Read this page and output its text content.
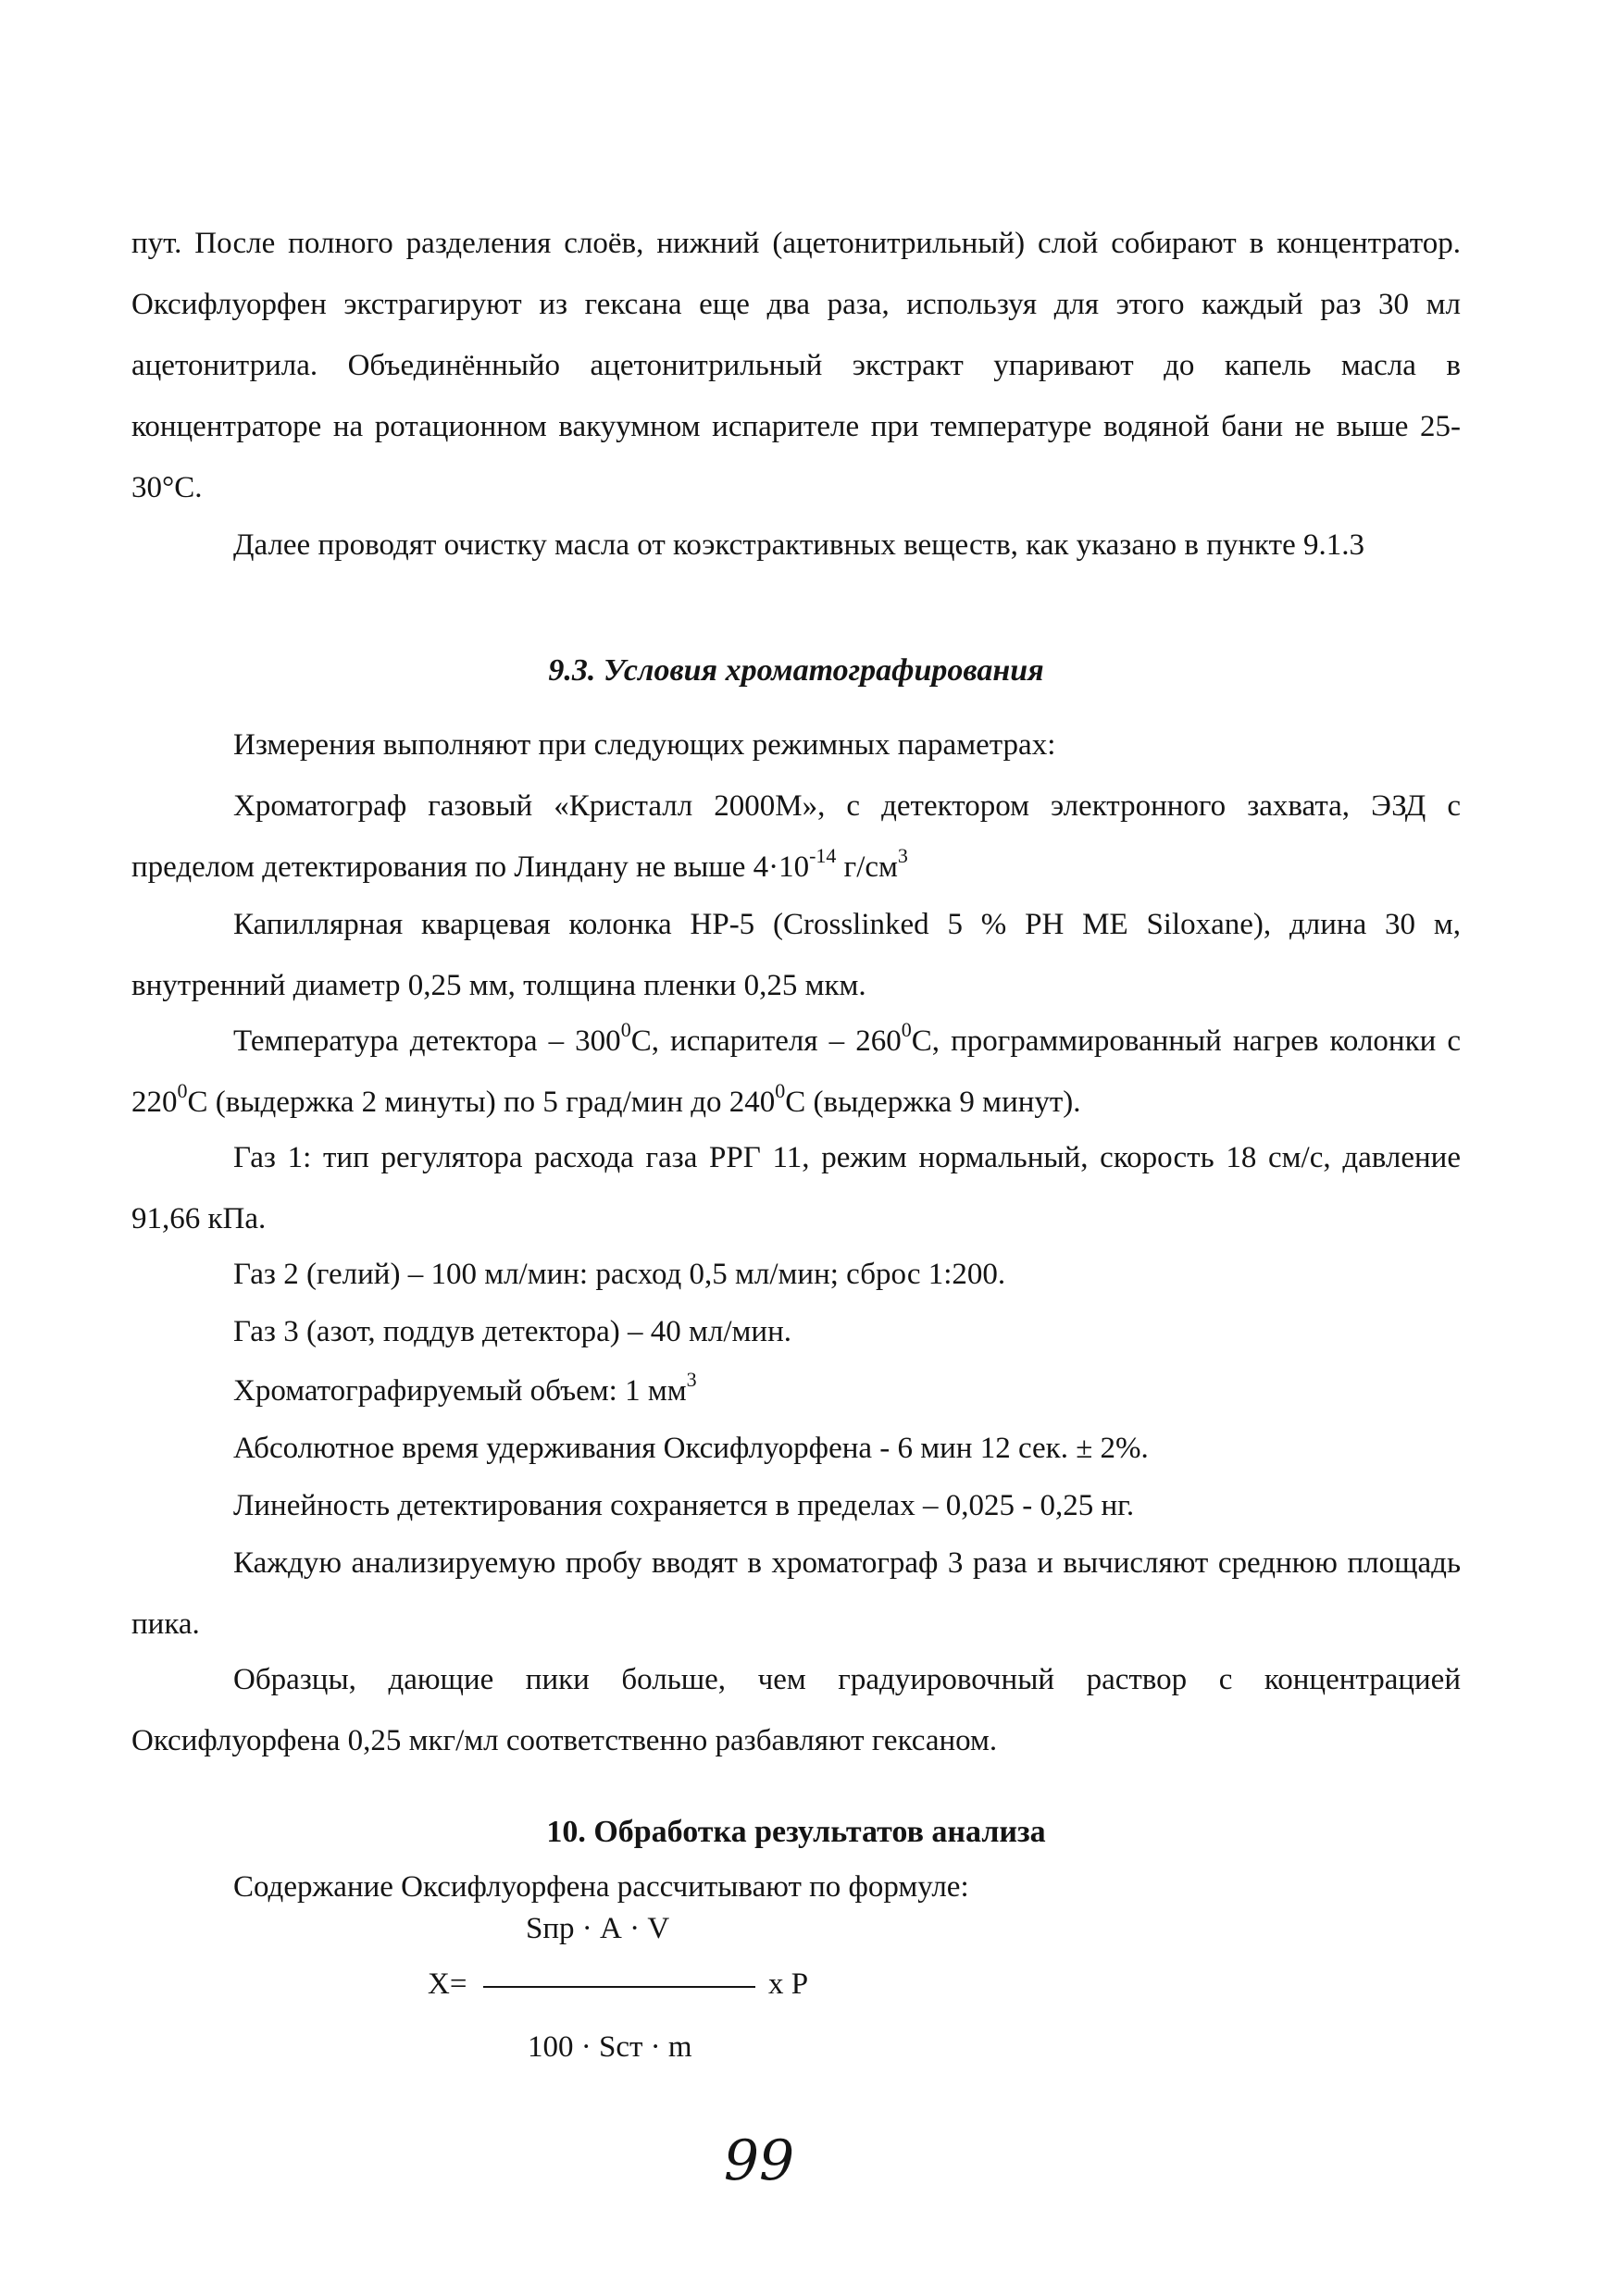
пут. После полного разделения слоёв, нижний (ацетонитрильный) слой собирают в концентратор. Оксифлуорфен экстрагируют из гексана еще два раза, используя для этого каждый раз 30 мл ацетонитрила. Объединённыйо ацетонитрильный экстракт упаривают до капель масла в концентраторе на ротационном вакуумном испарителе при температуре водяной бани не выше 25-30°С.

Далее проводят очистку масла от коэкстрактивных веществ, как указано в пункте 9.1.3

9.3. Условия хроматографирования

Измерения выполняют при следующих режимных параметрах:

Хроматограф газовый «Кристалл 2000М», с детектором электронного захвата, ЭЗД с пределом детектирования по Линдану не выше $4\cdot 10^{-14}$ $г/см^3$

Капиллярная кварцевая колонка HP-5 (Crosslinked 5 % PH ME Siloxane), длина 30 м, внутренний диаметр 0,25 мм, толщина пленки 0,25 мкм.

Температура детектора – $300^0С$, испарителя – $260^0С$, программированный нагрев колонки с $220^0С$ (выдержка 2 минуты) по 5 град/мин до $240^0С$ (выдержка 9 минут).

Газ 1: тип регулятора расхода газа РРГ 11, режим нормальный, скорость 18 см/с, давление 91,66 кПа.

Газ 2 (гелий) – 100 мл/мин: расход 0,5 мл/мин; сброс 1:200.

Газ 3 (азот, поддув детектора) – 40 мл/мин.

Хроматографируемый объем: 1 $мм^3$

Абсолютное время удерживания Оксифлуорфена - 6 мин 12 сек. ± 2%.

Линейность детектирования сохраняется в пределах – 0,025 - 0,25 нг.

Каждую анализируемую пробу вводят в хроматограф 3 раза и вычисляют среднюю площадь пика.

Образцы, дающие пики больше, чем градуировочный раствор с концентрацией Оксифлуорфена 0,25 мкг/мл соответственно разбавляют гексаном.

10. Обработка результатов анализа

Содержание Оксифлуорфена рассчитывают по формуле:

Sпр · А · V
Х=	х Р
100 · Sст · m
99
